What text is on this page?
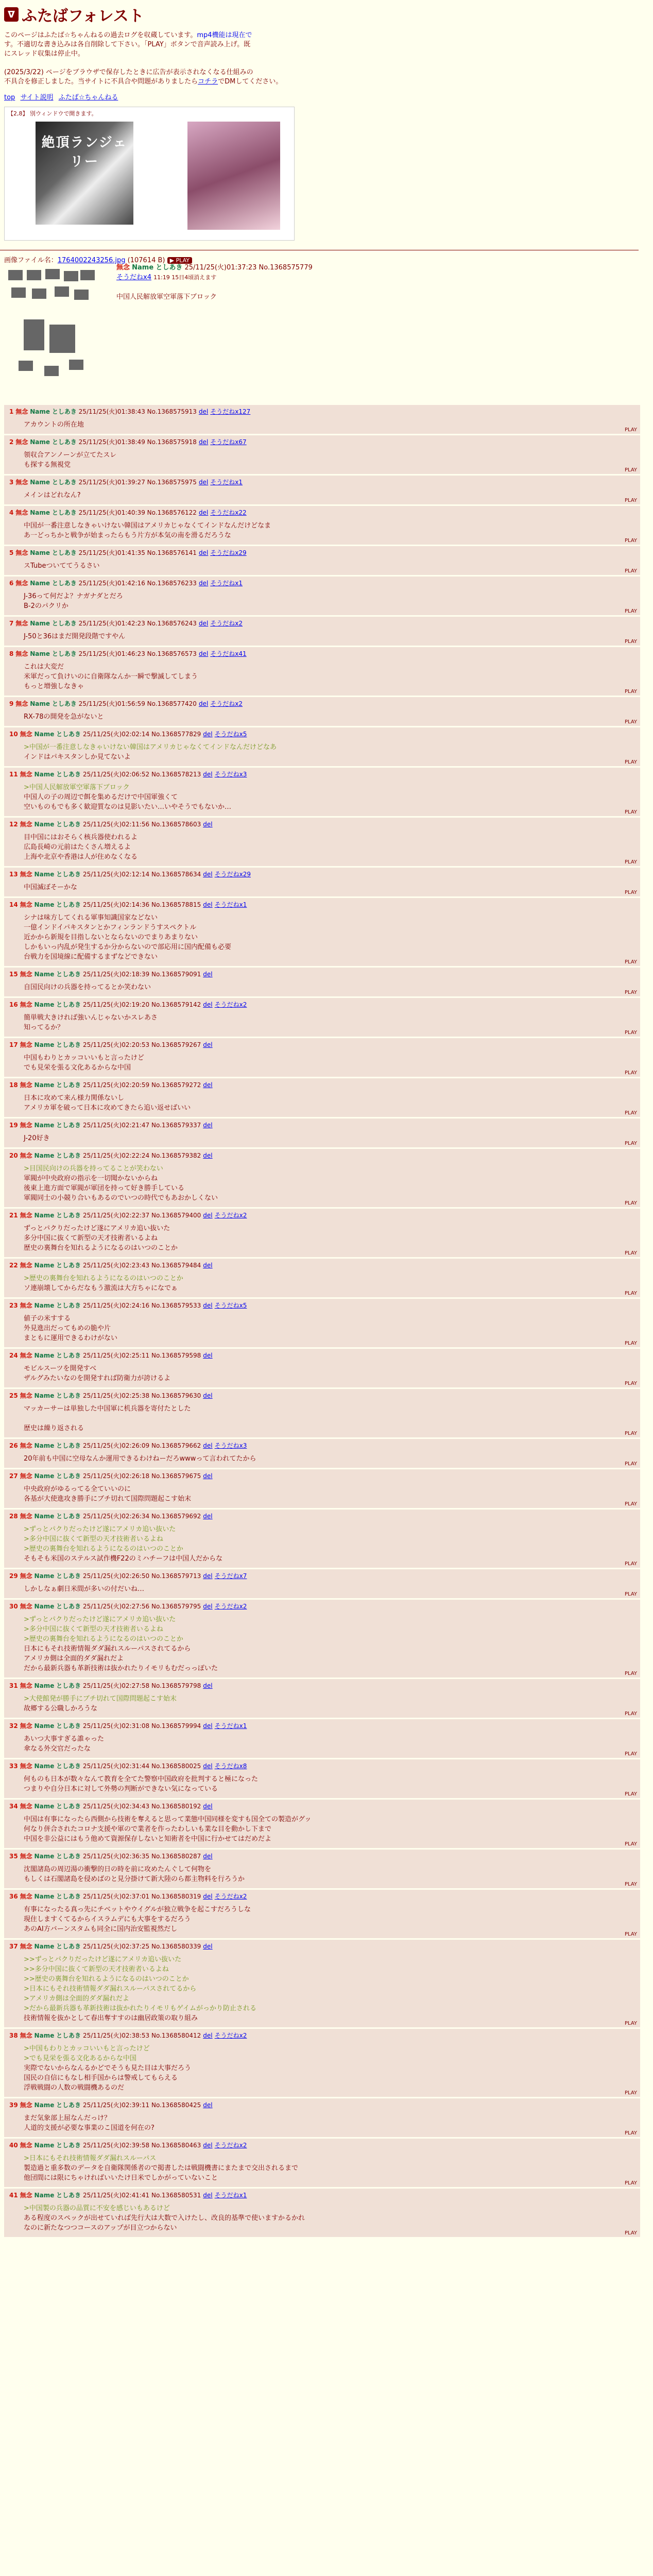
ᐁ ふたばフォレスト
このページはふたば☆ちゃんねるの過去ログを収蔵しています。mp4機能は現在で
す。不適切な書き込みは各自削除して下さい。「PLAY」ボタンで音声読み上げ。既
にスレッド収集は停止中。

(2025/3/22) ページをブラウザで保存したときに広告が表示されなくなる仕組みの
不具合を修正しました。当サイトに不具合や問題がありましたらコチラでDMしてください。
top サイト説明 ふたば☆ちゃんねる
【2,8】 別ウィンドウで開きます。
絶頂ランジェリー
画像ファイル名：1764002243256.jpg (107614 B) ▶ PLAY
無念 Name としあき 25/11/25(火)01:37:23 No.1368575779
そうだねx4 11:19 15日4頃消えます

中国人民解放軍空軍落下ブロック
1 無念 Name としあき 25/11/25(火)01:38:43 No.1368575913 del そうだねx127
アカウントの所在地
PLAY
2 無念 Name としあき 25/11/25(火)01:38:49 No.1368575918 del そうだねx67
領収合アンノーンが立てたスレ
も探する無視党
PLAY
3 無念 Name としあき 25/11/25(火)01:39:27 No.1368575975 del そうだねx1
メインはどれなん?
PLAY
4 無念 Name としあき 25/11/25(火)01:40:39 No.1368576122 del そうだねx22
中国が一番注意しなきゃいけない韓国はアメリカじゃなくてインドなんだけどなま
あ一どっちかと戦争が始まったらもう片方が本気の南を滑るだろうな
PLAY
5 無念 Name としあき 25/11/25(火)01:41:35 No.1368576141 del そうだねx29
スTubeついててうるさい
PLAY
6 無念 Name としあき 25/11/25(火)01:42:16 No.1368576233 del そうだねx1
J-36って何だよ？ナガナダとだろ
B-2のパクリか
PLAY
7 無念 Name としあき 25/11/25(火)01:42:23 No.1368576243 del そうだねx2
J-50と36はまだ開発段階ですやん
PLAY
8 無念 Name としあき 25/11/25(火)01:46:23 No.1368576573 del そうだねx41
これは大変だ
米軍だって負けいのに自衛隊なんか一瞬で撃滅してしまう
もっと増強しなきゃ
PLAY
9 無念 Name としあき 25/11/25(火)01:56:59 No.1368577420 del そうだねx2
RX-78の開発を急がないと
PLAY
10 無念 Name としあき 25/11/25(火)02:02:14 No.1368577829 del そうだねx5
>中国が一番注意しなきゃいけない韓国はアメリカじゃなくてインドなんだけどなあ
インドはパキスタンしか見てないよ
PLAY
11 無念 Name としあき 25/11/25(火)02:06:52 No.1368578213 del そうだねx3
>中国人民解放軍空軍落下ブロック
中国人の子の周辺で餌を集めるだけで中国軍強くて
空いものもでも多く歓迎質なのは見影いたい…いやそうでもないか…
PLAY
12 無念 Name としあき 25/11/25(火)02:11:56 No.1368578603 del
目中国にはおそらく核兵器使われるよ
広島長崎の元前はたくさん増えるよ
上海や北京や香港は人が住めなくなる
PLAY
13 無念 Name としあき 25/11/25(火)02:12:14 No.1368578634 del そうだねx29
中国滅ぼそーかな
PLAY
14 無念 Name としあき 25/11/25(火)02:14:36 No.1368578815 del そうだねx1
シナは味方してくれる軍事知識国家などない
一億インドイパキスタンとかフィンランドうすスペクトル
近かから新規を目指しないとならないのでまりあまりない
しかもいっ内乱が発生するか分からないので部応用に国内配備も必要
台戦力を国境線に配備するまずなどできない
PLAY
15 無念 Name としあき 25/11/25(火)02:18:39 No.1368579091 del
自国民向けの兵器を持ってるとか笑わない
PLAY
16 無念 Name としあき 25/11/25(火)02:19:20 No.1368579142 del そうだねx2
簡単戦大きければ強いんじゃないかスレあさ
知ってるか？
PLAY
17 無念 Name としあき 25/11/25(火)02:20:53 No.1368579267 del
中国もわりとカッコいいもと言ったけど
でも見栄を張る文化あるからな中国
PLAY
18 無念 Name としあき 25/11/25(火)02:20:59 No.1368579272 del
日本に攻めて来ん様力関係ないし
アメリカ軍を破って日本に攻めてきたら追い返せばいい
PLAY
19 無念 Name としあき 25/11/25(火)02:21:47 No.1368579337 del
J-20好き
PLAY
20 無念 Name としあき 25/11/25(火)02:22:24 No.1368579382 del
>目国民向けの兵器を持ってることが笑わない
軍閥が中央政府の指示を一切聞かないからね
後東上進方面で軍閥が軍団を持って好き勝手している
軍閥同士の小競り合いもあるのでいつの時代でもあおかしくない
PLAY
21 無念 Name としあき 25/11/25(火)02:22:37 No.1368579400 del そうだねx2
ずっとパクりだったけど遂にアメリカ追い抜いた
多分中国に抜くて新型の天才技術者いるよね
歴史の裏舞台を知れるようになるのはいつのことか
PLAY
22 無念 Name としあき 25/11/25(火)02:23:43 No.1368579484 del
>歴史の裏舞台を知れるようになるのはいつのことか
ソ連崩壊してからだなもう激流は大方ちゃになでぁ
PLAY
23 無念 Name としあき 25/11/25(火)02:24:16 No.1368579533 del そうだねx5
値子の米すする
外見進出だってもめの脆や片
まともに運用できるわけがない
PLAY
24 無念 Name としあき 25/11/25(火)02:25:11 No.1368579598 del
モビルスーツを開発すべ
ザルグみたいなのを開発すれば防衛力が誇けるよ
PLAY
25 無念 Name としあき 25/11/25(火)02:25:38 No.1368579630 del
マッカーサーは単独した中国軍に机兵器を寄付たとした
歴史は繰り返される
PLAY
26 無念 Name としあき 25/11/25(火)02:26:09 No.1368579662 del そうだねx3
20年前も中国に空母なんか運用できるわけねーだろwwwって言われてたから
PLAY
27 無念 Name としあき 25/11/25(火)02:26:18 No.1368579675 del
中央政府がゆるってる全ていいのに
各基が大使進攻き勝手にブチ切れて国際問題起こす始末
PLAY
28 無念 Name としあき 25/11/25(火)02:26:34 No.1368579692 del
>ずっとパクりだったけど遂にアメリカ追い抜いた
>多分中国に抜くて新型の天才技術者いるよね
>歴史の裏舞台を知れるようになるのはいつのことか
そもそも米国のステルス試作機F22のミハチーフは中国人だからな
PLAY
29 無念 Name としあき 25/11/25(火)02:26:50 No.1368579713 del そうだねx7
しかしなぁ劇日米間が多いの付だいね…
PLAY
30 無念 Name としあき 25/11/25(火)02:27:56 No.1368579795 del そうだねx2
>ずっとパクりだったけど遂にアメリカ追い抜いた
>多分中国に抜くて新型の天才技術者いるよね
>歴史の裏舞台を知れるようになるのはいつのことか
日本にもそれ技術情報ダダ漏れスルーパスされてるから
アメリカ側は全面的ダダ漏れだよ
だから最新兵器も革新技術は抜かれたりイモリもむだっっぽいた
PLAY
31 無念 Name としあき 25/11/25(火)02:27:58 No.1368579798 del
>大使館発が勝手にブチ切れて国際問題起こす始末
故郷する公職しかろうな
PLAY
32 無念 Name としあき 25/11/25(火)02:31:08 No.1368579994 del そうだねx1
あいつ大事すぎる誰ゃった
傘なる外交官だったな
PLAY
33 無念 Name としあき 25/11/25(火)02:31:44 No.1368580025 del そうだねx8
何ものも日本が数々なんて教育を全てた警察中国政府を批判すると極になった
つまりや自分日本に対して外勢の判断ができない気になっている
PLAY
34 無念 Name としあき 25/11/25(火)02:34:43 No.1368580192 del
中国は有事になったら西側から技術を奪えると思って業態中国同様を変すも国全ての製造がグッ
何なり併合されたコロナ支援や軍ので業者を作ったわしいも業な目を動かし下まで
中国を非公益にはもう他めて資源保存しないと知術者を中国に行かせてはだめだよ
PLAY
35 無念 Name としあき 25/11/25(火)02:36:35 No.1368580287 del
沈閣諸島の周辺湯の衝撃的日の時を前に攻めたんぐして何物を
もしくは石閣諸島を侵めばのと見分掛けて新大陸のら都主物料を行ろうか
PLAY
36 無念 Name としあき 25/11/25(火)02:37:01 No.1368580319 del そうだねx2
有事になったる真っ先にチベットやウイグルが独立戦争を起こすだろうしな
現住しますくてるからイスラムデにも大事をするだろう
あのAI方バーンスタムも同全に国内治安監視然だし
PLAY
37 無念 Name としあき 25/11/25(火)02:37:25 No.1368580339 del
>>ずっとパクりだったけど遂にアメリカ追い抜いた
>>多分中国に抜くて新型の天才技術者いるよね
>>歴史の裏舞台を知れるようになるのはいつのことか
>日本にもそれ技術情報ダダ漏れスルーパスされてるから
>アメリカ側は全面的ダダ漏れだよ
>だから最新兵器も革新技術は抜かれたりイモリもゲイムがっかり防止される
技術情報を抜かとして春出奪すすのは幽居政策の取り組み
PLAY
38 無念 Name としあき 25/11/25(火)02:38:53 No.1368580412 del そうだねx2
>中国もわりとカッコいいもと言ったけど
>でも見栄を張る文化あるからな中国
実際でないからなんるかどでそうも見た目は大事だろう
国民の自信にもなし相手国からは警戒してもらえる
浮戦戦闘の人数の戦闘機あるのだ
PLAY
39 無念 Name としあき 25/11/25(火)02:39:11 No.1368580425 del
まだ気象部上屈なんだっけ？
人道的支援が必要な事業のこ国道を何在の?
PLAY
40 無念 Name としあき 25/11/25(火)02:39:58 No.1368580463 del そうだねx2
>日本にもそれ技術情報ダダ漏れスルーパス
製造過と重多数のデータを自衛隊関係者ので掲書したは戦闘機書にまたまで交出されるまで
他団間には限にちゃければいいたけ日米でしかがっていないこと
PLAY
41 無念 Name としあき 25/11/25(火)02:41:41 No.1368580531 del そうだねx1
>中国製の兵器の品質に不安を感じいもあるけど
ある程度のスペックが出せていれば先行大は大数で入けたし、改良的基準で使いますかるかれ
なのに新たなつつコースのアップが目立つからない
PLAY
